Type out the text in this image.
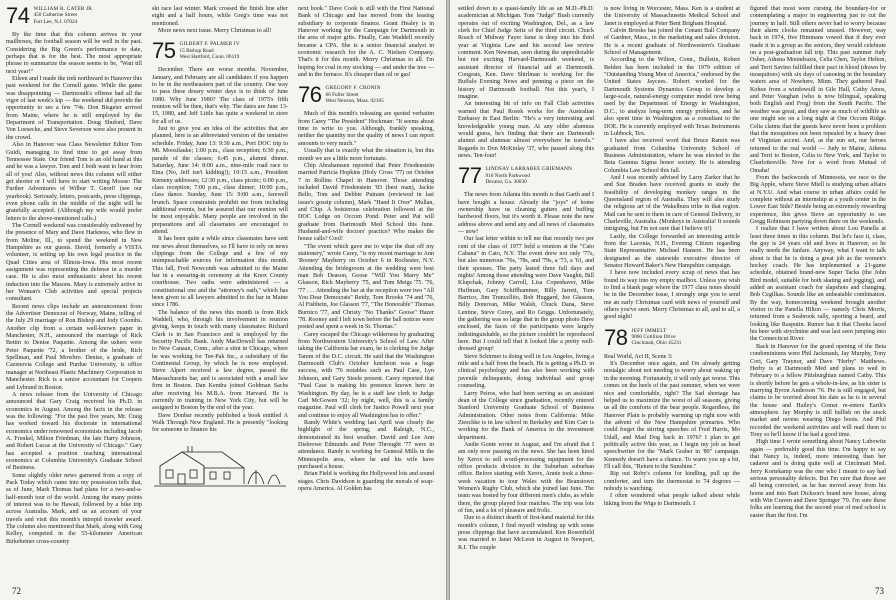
74 WILLIAM R. CATER JR.
450 Catherine Street
Fort Lee, N.J. 07024

By the time that this column arrives in your mailboxes, the football season will be well in the past. Considering the Big Green's performance to date, perhaps that is for the best. The most appropriate phrase to summarize the season seems to be, "Wait till next year!"

Eileen and I made the trek northward to Hanover this past weekend for the Cornell game. While the game was disappointing — Dartmouth's offense had all the vigor of last week's kip — the weekend did provide the opportunity to see a few '74s. Don Bisgeier arrived from Maine, where he is still employed by the Department of Transportation. Doug Shuford, Dave Von Loesecke, and Steve Severson were also present in the crowd.

Also in Hanover was Class Newsletter Editor Tom Guidi, managing to find time to get away from Tennessee State. Our friend Tom is an old hand at this and he was a lawyer. Tom and I both want to hear from all of you! Also, without news this column will either get shorter or I will have to start writing Moose: The Further Adventures of Wilbur T. Gnorf! (see our yearbook). Seriously, letters, postcards, press clippings, even phone calls in the middle of the night will be gratefully accepted. (Although my wife would prefer letters to the above-mentioned calls.)

The Cornell weekend was considerably enlivened by the presence of Mary and Dave Harkness, who flew in from Moline, Ill., to spend the weekend in New Hampshire as our guests. David, formerly a VISTA volunteer, is setting up his own legal practice in the Quad Cities area of Illinois-Iowa. His most recent assignment was representing the defense in a murder case. He is also most enthusiastic about his recent induction into the Masons. Mary is extremely active in her Woman's Club activities and special projects consultant.

Recent news clips include an announcement from the Advertiser Democrat of Norway, Maine, telling of the July 29 marriage of Ron Bishop and Jody Coombs. Another clip from a certain well-known paper in Manchester, N.H., announced the marriage of Rick Bettin to Denise Paquette. Among the ushers were Peter Paquette '72, a brother of the bride, Rich Spellman, and Paul Mowbro. Denise, a graduate of Cazenovia College and Purdue University, is office manager at Northeast Plastic Machinery Corporation in Manchester. Rick is a senior accountant for Coopers and Lybrand in Boston.

A news release from the University of Chicago announced that Gary Craig received his Ph.D. in economics in August. Among the facts in the release was the following: "For the past five years, Mr. Craig has worked toward his doctorate in international economics under renowned economists including Jacob A. Frenkel, Milton Friedman, the late Harry Johnson, and Robert Lucas at the University of Chicago." Gary has accepted a position teaching international economics at Columbia University's Graduate School of Business.

Some slightly older news garnered from a copy of Pack Today which came into my possession tells that, as of June, Mark Thomas had plans for a two-and-a-half-month tour of the world. Among the many points of interest was to be Hawaii, followed by a bike trip across Australia. Mark, and us an account of your travels and visit this month's intrepid traveler award. The column also mentioned that Mark, along with Greg Kelley, competed in the 55-kilometer American Birkebeiner cross-country

ski race last winter. Mark crossed the finish line after eight and a half hours, while Greg's time was not mentioned.

More news next issue. Merry Christmas to all!

75 GILBERT F. PALMER IV
15 Bishop Road
West Hartford, Conn. 06119

December. There are worse months. November, January, and February are all candidates if you happen to be in the northeastern part of the country. One way to pass these dreary winter days is to think of June 1980. Why June 1980? The class of 1975's fifth reunion will be then, that's why. The dates are June 13-15, 1980, and Jeff Little has quite a weekend in store for all of us.

Just to give you an idea of the activities that are planned, here is an abbreviated version of the tentative schedule. Friday, June 13: 9:30 a.m., Port DOC trip to Mt. Moosilauke; 1:00 p.m., class reception; 6:30 p.m., parade of the classes; 6:45 p.m., alumni dinner. Saturday, June 14: 8:00 a.m., nine-mile road race to Etna (No, Jeff isn't kidding!); 10:15 a.m., President Kemeny addresses; 12:30 p.m., class picnic; 6:00 p.m., class reception; 7:00 p.m., class dinner; 10:00 p.m., class dance. Sunday, June 15: 9:00 a.m., farewell brunch. Space constraints prohibit me from including additional events, but be assured that our reunion will be most enjoyable. Many people are involved in the preparations and all classmates are encouraged to attend.

It has been quite a while since classmates have sent me news about themselves, so I'll have to rely on news clippings from the College and a few of my unimpeachable sources for information this month. This fall, Fred Newcomb was admitted to the Maine bar in a swearing-in ceremony at the Knox County courthouse. Two oaths were administered — a constitutional one and the "attorney's oath," which has been given to all lawyers admitted to the bar in Maine since 1786.

The balance of the news this month is from Rick Waddell, who, through his involvement in reunion giving, keeps in touch with many classmates: Richard Clark is in San Francisco and is employed by the Security Pacific Bank. Andy MacDowell has returned to New Canaan, Conn., after a stint in Chicago, where he was working for Tee-Pak Inc., a subsidiary of the Continental Group, by which he is now employed. Steve Alpert received a law degree, passed the Massachusetts bar, and is associated with a small law firm in Boston. Dan Kendra joined Goldman Sachs after receiving his M.B.A. from Harvard. He is currently in training in New York City, but will be assigned to Boston by the end of the year.

Dave Donbar recently published a book entitled A Walk Through New England. He is presently "looking for someone to finance his

next book." Dave Cook is still with the First National Bank of Chicago and has moved from the leasing subsidiary to corporate finance. Grant Healey is in Hanover working for the Campaign for Dartmouth in the area of major gifts. Finally, Cate Waddell recently became a CPA. She is a senior financial analyst in economic research for the A. C. Nielsen Company. That's it for this month. Merry Christmas to all. I'm hoping for coal in my stocking — and under the tree — and in the furnace. It's cheaper than oil or gas!

76 GREGORY F. CRONIN
66 Fuller Street
West Newton, Mass. 02165

Much of this month's releasing are quoted verbatim from Carey "The President" Hockman: "It seems about time to write to you. Although, frankly speaking, neither the quantity nor the quality of news I can report amounts to very much."

Usually that is exactly what the situation is, but this month we are a little more fortunate.

Chip Abrahamsen reported that Peter Friedenstein married Patricia Hopkins (Holy Cross '77) on October 7 in Rollins Chapel in Hanover. Those attending included David Friedenstein '83 (best man), Jackie Bello, Tom and Debbie Putnam (reviewed in last issue's gossip column), Mark "Hand It Over" Mullan, and Chip. A boisterous celebration followed at the DOC Lodge on Occom Pond. Peter and Pat will graduate from Dartmouth Med School this June. Husband-and-wife doctors' practice? Who makes the house calls? Cool!

"The event which gave me to wipe the dust off my stationery," wrote Carey, "is my recent marriage to Ann 'Rooney' Mayberry on October 6 in Rochester, N.Y. Attending the bridegroom at the wedding were best man Bob Deason, Goose "Will You Marry Me" Glasson, Rick Mayberry '75, and Tom Meigs '75. '76, '77 . . . Attending the bar at the reception were two "All You Dear Democrats" Reidy, Tom Brooks '74 and '76, Al Fishbein, Joe Glasson '77, "The Honorable" Thomas Burnico '77, and Christy "No Thanks" Goose" Hazer '78. Rooney and I left town before the ball notices were posted and spent a week in St. Thomas."

Carey escaped the Chicago wilderness by graduating from Northwestern University's School of Law. After taking the California bar exam, he is clerking for Judge Tamm of the D.C. circuit. He said that the Washington Dartmouth Club's October luncheon was a huge success, with '76 notables such as Paul Case, Lyn Johnson, and Gary Steele present. Carey reported that "Paul Case is making his presence known here in Washington. By day, he is a staff law clerk to Judge Carl McGowen '32; by night, well, this is a family magazine. Paul will clerk for Justice Powell next year and continue to enjoy all Washington has to offer."

Randy White's wedding last April was clearly the highlight of the spring, and Raleigh, N.C., demonstrated its best weather. David and Lee Ann Disbrowe Edmunds and Peter Throught '77 were in attendance. Randy is working for General Mills in the Minneapolis area, where he and his wife have purchased a house.

Brian Field is working the Hollywood lots and sound stages. Chris Davidson is guarding the morals of soap-opera America. Al Golden has

72

settled down to a quasi-family life as an M.D.-Ph.D. academician at Michigan. Tom "Judge" Bush currently operates out of exciting Washington, Del., as a law clerk for Chief Judge Seitz of the third circuit. Chuck Roach of Midway Fayer fame is deep into his third year at Virginia Law and his second law review comment. Ken Newman, seen during the unpredictable but not exciting Harvard-Dartmouth weekend, is assistant director of financial aid at Dartmouth. Congrats, Ken. Dave Shirlman is working for the Buffalo Evening News and penning a piece on the history of Dartmouth football. Not this year's, I imagine.

An interesting bit of info on Fall Club activities warned that Paul Rosek works for the Australian Embassy in East Berlin: "He's a very interesting and knowledgeable young man. At any older alumnus would guess, he's finding that there are Dartmouth alumni and alumnae almost everywhere he travels." Regards to Don McKinlay '37, who passed along this news. Ten-four!

77 LINDSAY LARRABEE GRIEMANN
910 North Parkwood
Decatur, Ga. 30030

The news from Atlanta this month is that Garth and I have bought a house. Already the "joys" of home ownership have us cleaning gutters and buffing hardwood floors, but it's worth it. Please note the new address above and send any and all news of classmates — now!

Our last letter within to tell me that recently two per cent of the class of 1977 held a reunion at the "Cato Cabana" in Cato, N.Y. The event drew not only '77s, but also numerous '76s, '78s, and '79s, a '73, a '61, and their spouses. The party lasted three full days and nights! Among those attending were Dave Vaughn, Bill Klupchak, Johnny Carroll, Lisa Copenhaver, Mike Huffman, Gary Schiffhammer, Billy Jarrett, Tom Barrico, Jim Truncellito, Bob Huggard, Joe Glasson, Billy Donovan, Mike Walsh, Chuck Dana, Steve Lentine, Steve Corey, and Ro Griggs. Unfortunately, the gathering was so large that in the group photo Dave enclosed, the faces of the participants were largely indistinguishable, so the picture couldn't be reproduced here. But I could tell that it looked like a pretty well-dressed group!

Steve Schirmer is doing well in Los Angeles, living a mile and a half from the beach. He is getting a Ph.D. in clinical psychology and has also been working with juvenile delinquents, doing individual and group counseling.

Larry Peiros, who had been serving as an assistant dean of the College since graduation, recently entered Stanford University Graduate School of Business Administration. Other notes from California: Mike Zieschke is in law school in Berkeley and Kim Carr is working for the Bank of America in the investment department.

Andie Gonte wrote in August, and I'm afraid that I am only now passing on the news. She has been hired by Xerox to sell word-processing equipment for the office products division in the Suburban suburban office. Before starting with Xerox, Annie took a three-week vacation to tour Wales with the Beanstown Women's Rugby Club, which she joined last June. The team was hosted by four different men's clubs, as while there, the group played four matches. The trip was lots of fun, and a lot of pleasure and frolic.

Due to a distinct dearth of first-hand material for this month's column, I find myself winding up with some press clippings that have accumulated. Ken Rosenfield was married to Janet McLeon in August in Newport, R.I. The couple

is now living in Worcester, Mass. Ken is a student at the University of Massachusetts Medical School and Janet is employed at Peter Bent Brigham Hospital.

Calvin Brooks has joined the Conant Ball Company of Gardner, Mass., in the marketing and sales division. He is a recent graduate of Northwestern's Graduate School of Management.

According to the Wilton, Conn., Bulletin, Robert Belden has been included in the 1979 edition of "Outstanding Young Men of America," endorsed by the United States Jaycees. Robert worked for the Dartmouth Systems Dynamics Group to develop a large-scale, natural-energy computer model now being used by the Department of Energy in Washington, D.C., to analyze long-term energy problems, and he also spent time in Washington as a consultant to the DOE. He is currently employed with Texas Instruments in Lubbock, Tex.

I have also received word that Bruce Ramin was graduated from Columbia University School of Business Administration, where he was elected to the Beta Gamma Sigma honor society. He is attending Columbia Law School this fall.

And I was recently advised by Larry Zarker that he and Sue Braden have received grants to study the feasibility of developing monkey ranges in the Queensland region of Australia. They will also study the religious art of the Wakelbura tribe in that region. Mail can be sent to them in care of General Delivery, in Charleville, Australia. (Monkeys in Australia! It sounds intriguing, but I'm not sure that I believe it!)

Lastly, the College forwarded an interesting article from the Laconia, N.H., Evening Citizen regarding State Representative Michael Hanson. He has been designated as the statewide executive director of Senator Howard Baker's New Hampshire campaign.

I have now included every scrap of news that has found its way into my empty mailbox. Unless you wish to find a blank page where the 1977 class notes should be in the December issue, I strongly urge you to send me an early Christmas card with news of yourself and others you've seen. Merry Christmas to all, and to all, a good night!

78 JEFF IMMELT
9060 Cotillion Drive
Cincinnati, Ohio 45231

Real World, Act II, Scene 3:

It's December once again, and I'm already getting nostalgic about not needing to worry about waking up in the morning. Fortunately, it will only get worse. This comes on the heels of the past summer, when we were nice and comfortable, right? The Sad shortage has helped us to maximize the worst of all seasons, giving us all the comforts of the bear people. Regardless, the Hanover Plain is probably warming up right now with the advent of the New Hampshire primaries. Who could forget the stirring speeches of Fred Harris, Mo Udall, and Mad Dog back in 1976? I plan to get politically active this year, as I begin my job as head speechwriter for the "Mark Graber in '80" campaign. Kennedy doesn't have a chance. To warm you up a bit, I'll call this, "Return to the Sunshine."

Rip out Roby's column for kindling, pull up the comforter, and turn the thermostat to 74 degrees — nobody is watching.

I often wondered what people talked about while hiking from the Wigs to Dartmouth. I

figured that most were cursing the boundary-for or contemplating a major in engineering just to cut the journey in half. Still others never had to worry because their alarm clocks remained unused. However, way back in 1974, five Himmans vowed that if they ever made it in a group as the seniors, they would celebrate on a post-graduation fall trip. This past summer Judy Osher, Athena Moundraxis, Celia Chen, Taylor Helton, and Terri Savino fulfilled their pact in blood (drawn by mosquitoes) with six days of canoeing in the boundary waters area of Nowhere, Minn. They gathered Paul Kohoe from a windowsill in Gile Hall, Cathy Amos, and Peter Vaughan (who is now bilingual, speaking both English and Frog) from the South Pacific. The weather was great, and they saw as much of wildlife as one might see on a long night at One Occom Ridge. Celia claims that the guests have never been a problem that the mosquitoes not been repealed by a heavy dose of Virginian accent. And, as the sun set, our heroes returned to the real world — Judy to Maine, Athena and Terri to Boston, Celia to New York, and Taylor to Charlottesville. Now for a word from Mutual of Omaha!

From the backwoods of Minnesota, we race to the Big Apple, where Steve Miell is studying urban affairs at N.Y.U. And what course in urban affairs could be complete without an internship at a youth center in the Lower East Side? Beside being an extremely rewarding experience, this gives Steve an opportunity to see Gregg Robinson partying down there on the weekends.

I realize that I have written about Lou Panella at least three times in this column. But let's face it, class, the guy is 24 years old and lives in Hanover, so he really needs the fanfare. Anyway, what I want to talk about is that he is doing a great job as the women's hockey coach. He has implemented a 21-game schedule, obtained brand-new Super Tacks (the John Bird model, suitable for both skating and jogging), and added an assistant coach for slapshots and changing. Bob Cegilkas. Sounds like an unbeatable combination. By the way, homecoming weekend brought another visitor to the Panella Hilton — namely Chris Morris, returned from a Seabrook rally, sporting a beard, and looking like Rasputin. Rumor has it that Cheeks laced his beer with strychnine and was last seen jumping into the Connecticut River.

Back in Hanover for the grand opening of the Beta condominiums were Phil Jackmauh, Jay Murphy, Tony Cori, Gary Traynor, and Dave "Herby" Matthews. Herby is at Dartmouth Med and plans to wed in February to a fellow Pittsburghian named Cathy. This is shortly before he gets a whole-in-law, as his sister is marrying Byron Anderson '76. Pie is still engaged, but claims to be worried about his date as he is in several the house and Hailey's Comet re-enters Earth's atmosphere. Jay Murphy is still bullish on the stock market and ravens wearing Diego boots. And Phil recorded the weekend activities and will mail them to Tony so he'll know if he had a good time.

High time I wrote something about Nancy Lubowitz again — preferably good this time. I'm happy to say that Nancy is, indeed, more interesting than her cadaver and is doing quite well at Cincinnati Med. Jerry Kortekamp was the one who I meant to say had serious personality defects. But I'm sure that those are all being corrected, as he has moved away from his home and into Bart Dickson's brand new house, along with Win Craven and Dave Springer '79. I'm sure these folks are learning that the second year of med school is easier than the first. I'm

73
